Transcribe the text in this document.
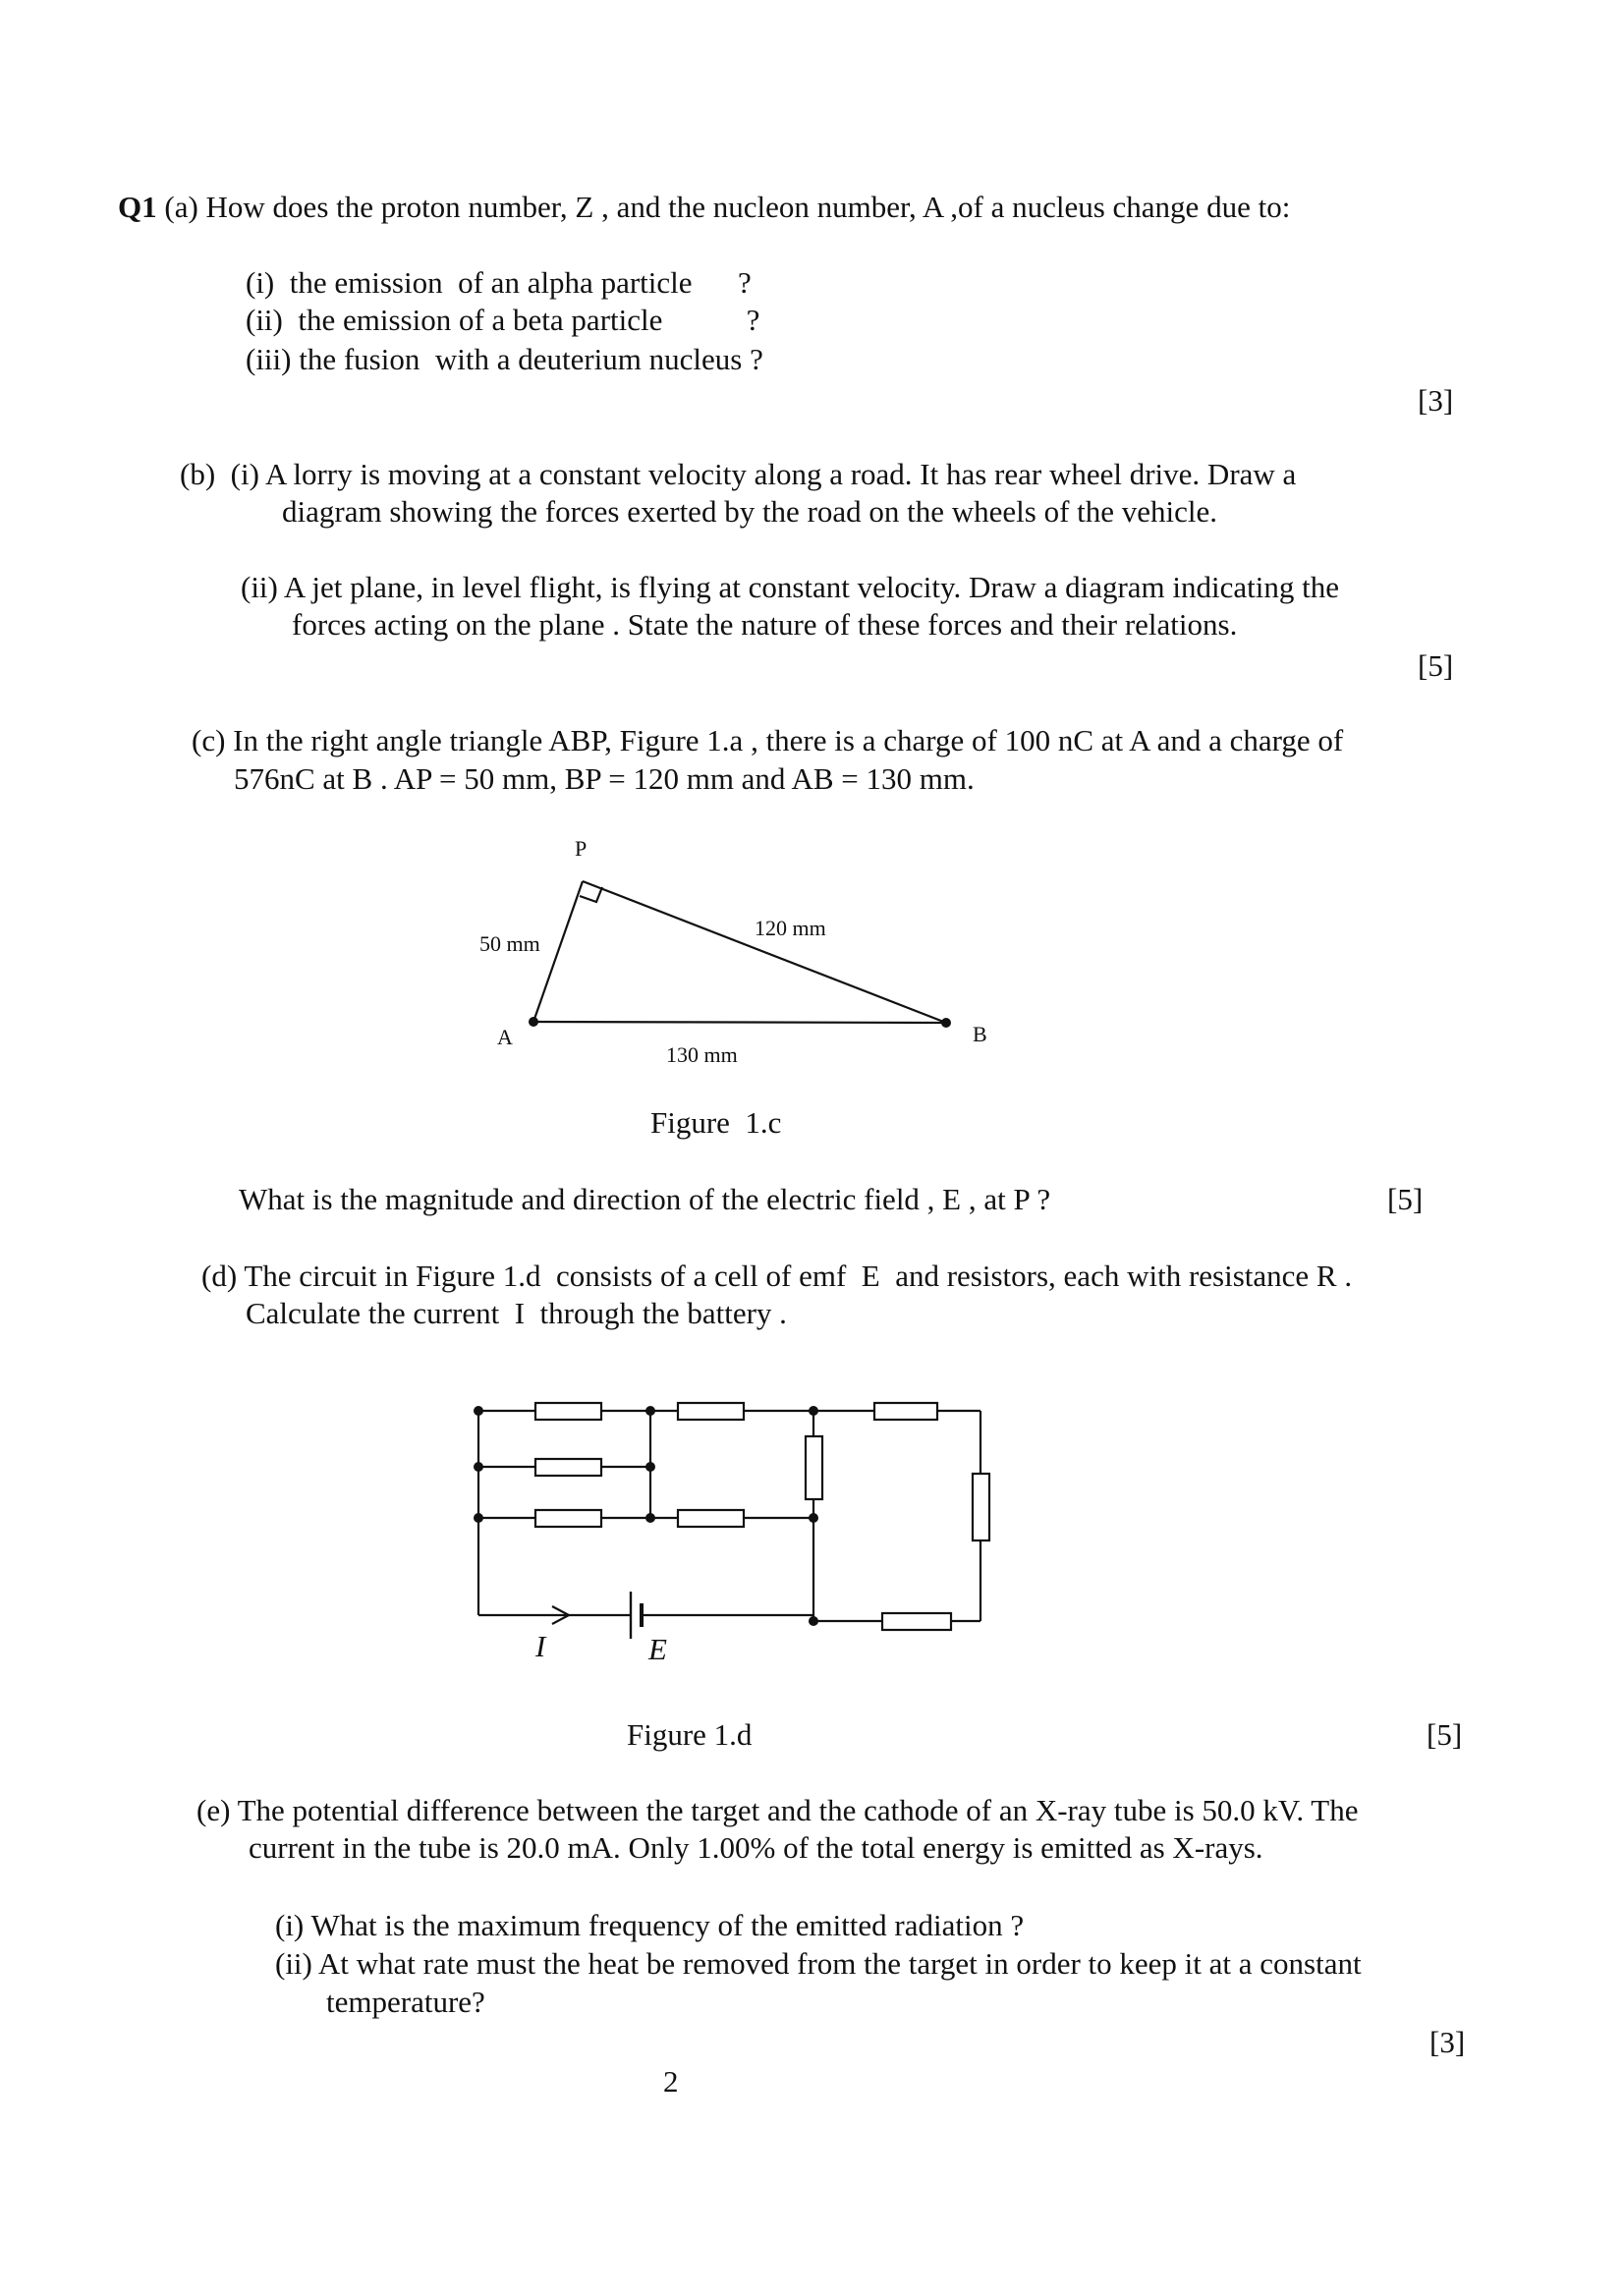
Q1 (a) How does the proton number, Z , and the nucleon number, A ,of a nucleus change due to:
(i)  the emission  of an alpha particle      ?
(ii)  the emission of a beta particle           ?
(iii) the fusion  with a deuterium nucleus ?
[3]
(b)  (i) A lorry is moving at a constant velocity along a road. It has rear wheel drive. Draw a
diagram showing the forces exerted by the road on the wheels of the vehicle.
(ii) A jet plane, in level flight, is flying at constant velocity. Draw a diagram indicating the
forces acting on the plane . State the nature of these forces and their relations.
[5]
(c) In the right angle triangle ABP, Figure 1.a , there is a charge of 100 nC at A and a charge of
576nC at B . AP = 50 mm, BP = 120 mm and AB = 130 mm.
P
A	B
50 mm
120 mm
130 mm
Figure  1.c
What is the magnitude and direction of the electric field , E , at P ?	[5]
(d) The circuit in Figure 1.d  consists of a cell of emf  E  and resistors, each with resistance R .
Calculate the current  I  through the battery .
I	E
Figure 1.d	[5]
(e) The potential difference between the target and the cathode of an X-ray tube is 50.0 kV. The
current in the tube is 20.0 mA. Only 1.00% of the total energy is emitted as X-rays.
(i) What is the maximum frequency of the emitted radiation ?
(ii) At what rate must the heat be removed from the target in order to keep it at a constant
temperature?
[3]
2
